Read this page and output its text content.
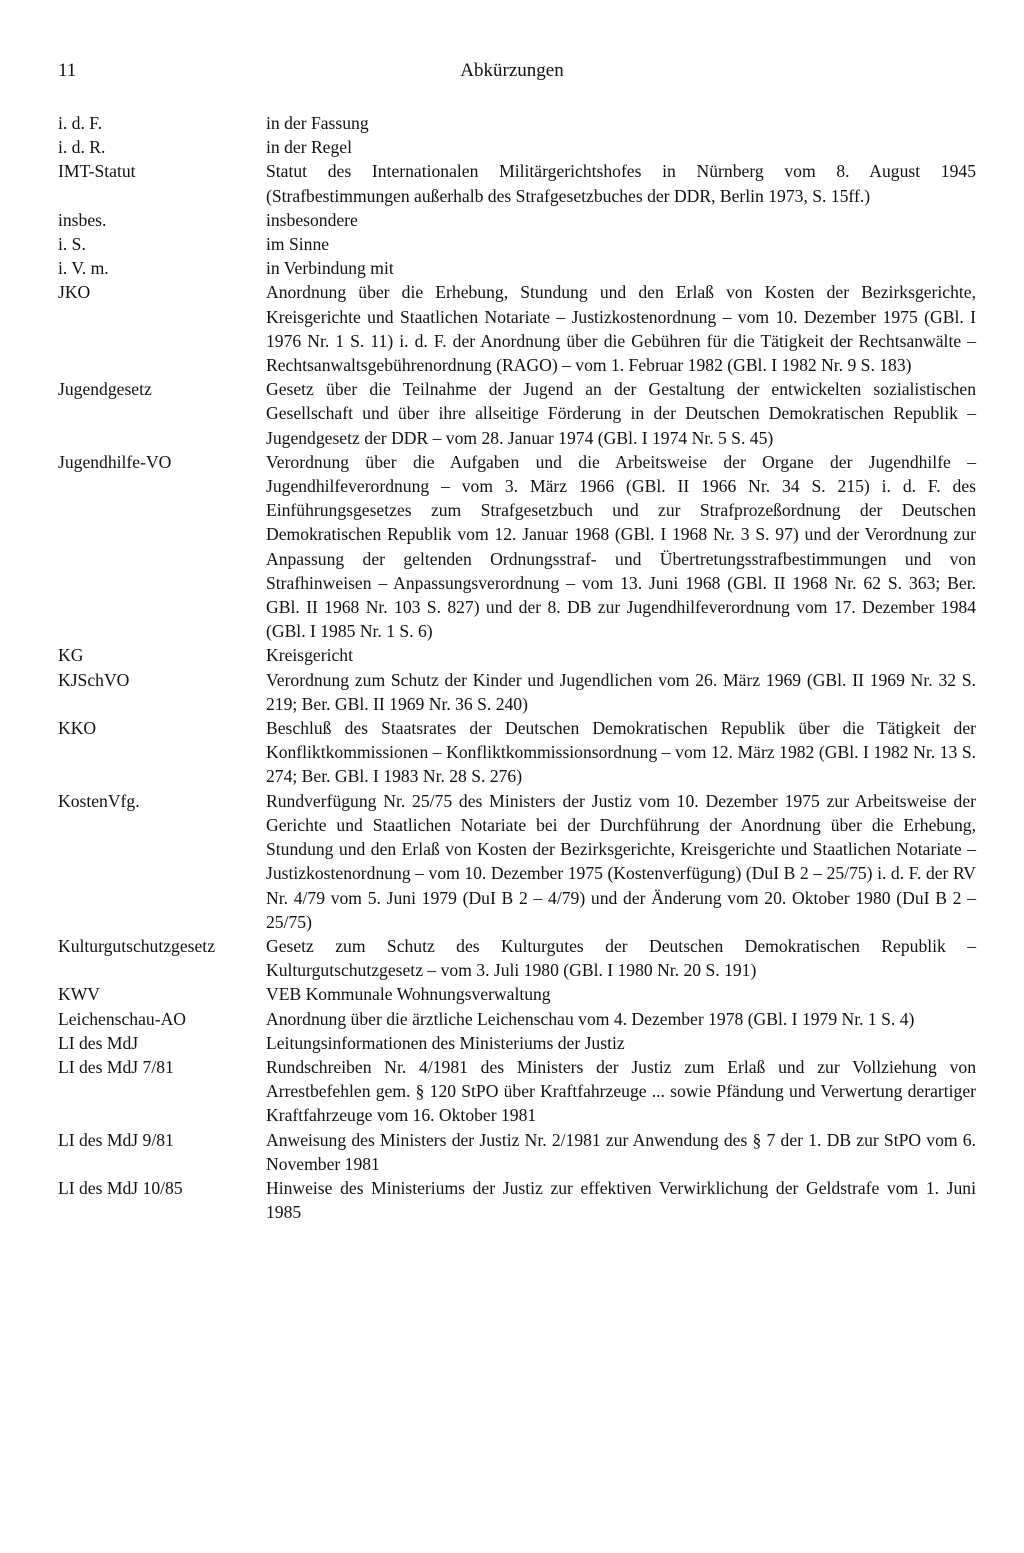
11	Abkürzungen
i. d. F.	in der Fassung
i. d. R.	in der Regel
IMT-Statut	Statut des Internationalen Militärgerichtshofes in Nürnberg vom 8. August 1945 (Strafbestimmungen außerhalb des Strafgesetzbuches der DDR, Berlin 1973, S. 15ff.)
insbes.	insbesondere
i. S.	im Sinne
i. V. m.	in Verbindung mit
JKO	Anordnung über die Erhebung, Stundung und den Erlaß von Kosten der Bezirksgerichte, Kreisgerichte und Staatlichen Notariate – Justizkostenordnung – vom 10. Dezember 1975 (GBl. I 1976 Nr. 1 S. 11) i. d. F. der Anordnung über die Gebühren für die Tätigkeit der Rechtsanwälte – Rechtsanwaltsgebührenordnung (RAGO) – vom 1. Februar 1982 (GBl. I 1982 Nr. 9 S. 183)
Jugendgesetz	Gesetz über die Teilnahme der Jugend an der Gestaltung der entwickelten sozialistischen Gesellschaft und über ihre allseitige Förderung in der Deutschen Demokratischen Republik – Jugendgesetz der DDR – vom 28. Januar 1974 (GBl. I 1974 Nr. 5 S. 45)
Jugendhilfe-VO	Verordnung über die Aufgaben und die Arbeitsweise der Organe der Jugendhilfe – Jugendhilfeverordnung – vom 3. März 1966 (GBl. II 1966 Nr. 34 S. 215) i. d. F. des Einführungsgesetzes zum Strafgesetzbuch und zur Strafprozeßordnung der Deutschen Demokratischen Republik vom 12. Januar 1968 (GBl. I 1968 Nr. 3 S. 97) und der Verordnung zur Anpassung der geltenden Ordnungsstraf- und Übertretungsstrafbestimmungen und von Strafhinweisen – Anpassungsverordnung – vom 13. Juni 1968 (GBl. II 1968 Nr. 62 S. 363; Ber. GBl. II 1968 Nr. 103 S. 827) und der 8. DB zur Jugendhilfeverordnung vom 17. Dezember 1984 (GBl. I 1985 Nr. 1 S. 6)
KG	Kreisgericht
KJSchVO	Verordnung zum Schutz der Kinder und Jugendlichen vom 26. März 1969 (GBl. II 1969 Nr. 32 S. 219; Ber. GBl. II 1969 Nr. 36 S. 240)
KKO	Beschluß des Staatsrates der Deutschen Demokratischen Republik über die Tätigkeit der Konfliktkommissionen – Konfliktkommissionsordnung – vom 12. März 1982 (GBl. I 1982 Nr. 13 S. 274; Ber. GBl. I 1983 Nr. 28 S. 276)
KostenVfg.	Rundverfügung Nr. 25/75 des Ministers der Justiz vom 10. Dezember 1975 zur Arbeitsweise der Gerichte und Staatlichen Notariate bei der Durchführung der Anordnung über die Erhebung, Stundung und den Erlaß von Kosten der Bezirksgerichte, Kreisgerichte und Staatlichen Notariate – Justizkostenordnung – vom 10. Dezember 1975 (Kostenverfügung) (DuI B 2 – 25/75) i. d. F. der RV Nr. 4/79 vom 5. Juni 1979 (DuI B 2 – 4/79) und der Änderung vom 20. Oktober 1980 (DuI B 2 – 25/75)
Kulturgutschutzgesetz	Gesetz zum Schutz des Kulturgutes der Deutschen Demokratischen Republik – Kulturgutschutzgesetz – vom 3. Juli 1980 (GBl. I 1980 Nr. 20 S. 191)
KWV	VEB Kommunale Wohnungsverwaltung
Leichenschau-AO	Anordnung über die ärztliche Leichenschau vom 4. Dezember 1978 (GBl. I 1979 Nr. 1 S. 4)
LI des MdJ	Leitungsinformationen des Ministeriums der Justiz
LI des MdJ 7/81	Rundschreiben Nr. 4/1981 des Ministers der Justiz zum Erlaß und zur Vollziehung von Arrestbefehlen gem. § 120 StPO über Kraftfahrzeuge ... sowie Pfändung und Verwertung derartiger Kraftfahrzeuge vom 16. Oktober 1981
LI des MdJ 9/81	Anweisung des Ministers der Justiz Nr. 2/1981 zur Anwendung des § 7 der 1. DB zur StPO vom 6. November 1981
LI des MdJ 10/85	Hinweise des Ministeriums der Justiz zur effektiven Verwirklichung der Geldstrafe vom 1. Juni 1985
